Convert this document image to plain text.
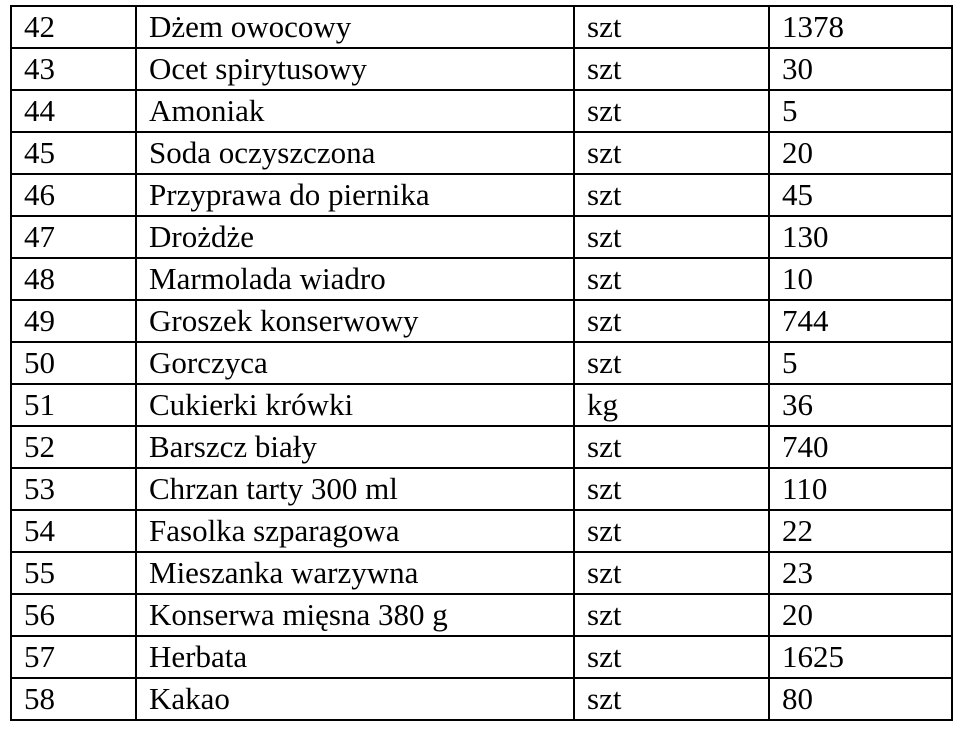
42	Dżem owocowy	szt	1378
43	Ocet spirytusowy	szt	30
44	Amoniak	szt	5
45	Soda oczyszczona	szt	20
46	Przyprawa do piernika	szt	45
47	Drożdże	szt	130
48	Marmolada wiadro	szt	10
49	Groszek konserwowy	szt	744
50	Gorczyca	szt	5
51	Cukierki krówki	kg	36
52	Barszcz biały	szt	740
53	Chrzan tarty 300 ml	szt	110
54	Fasolka szparagowa	szt	22
55	Mieszanka warzywna	szt	23
56	Konserwa mięsna 380 g	szt	20
57	Herbata	szt	1625
58	Kakao	szt	80
